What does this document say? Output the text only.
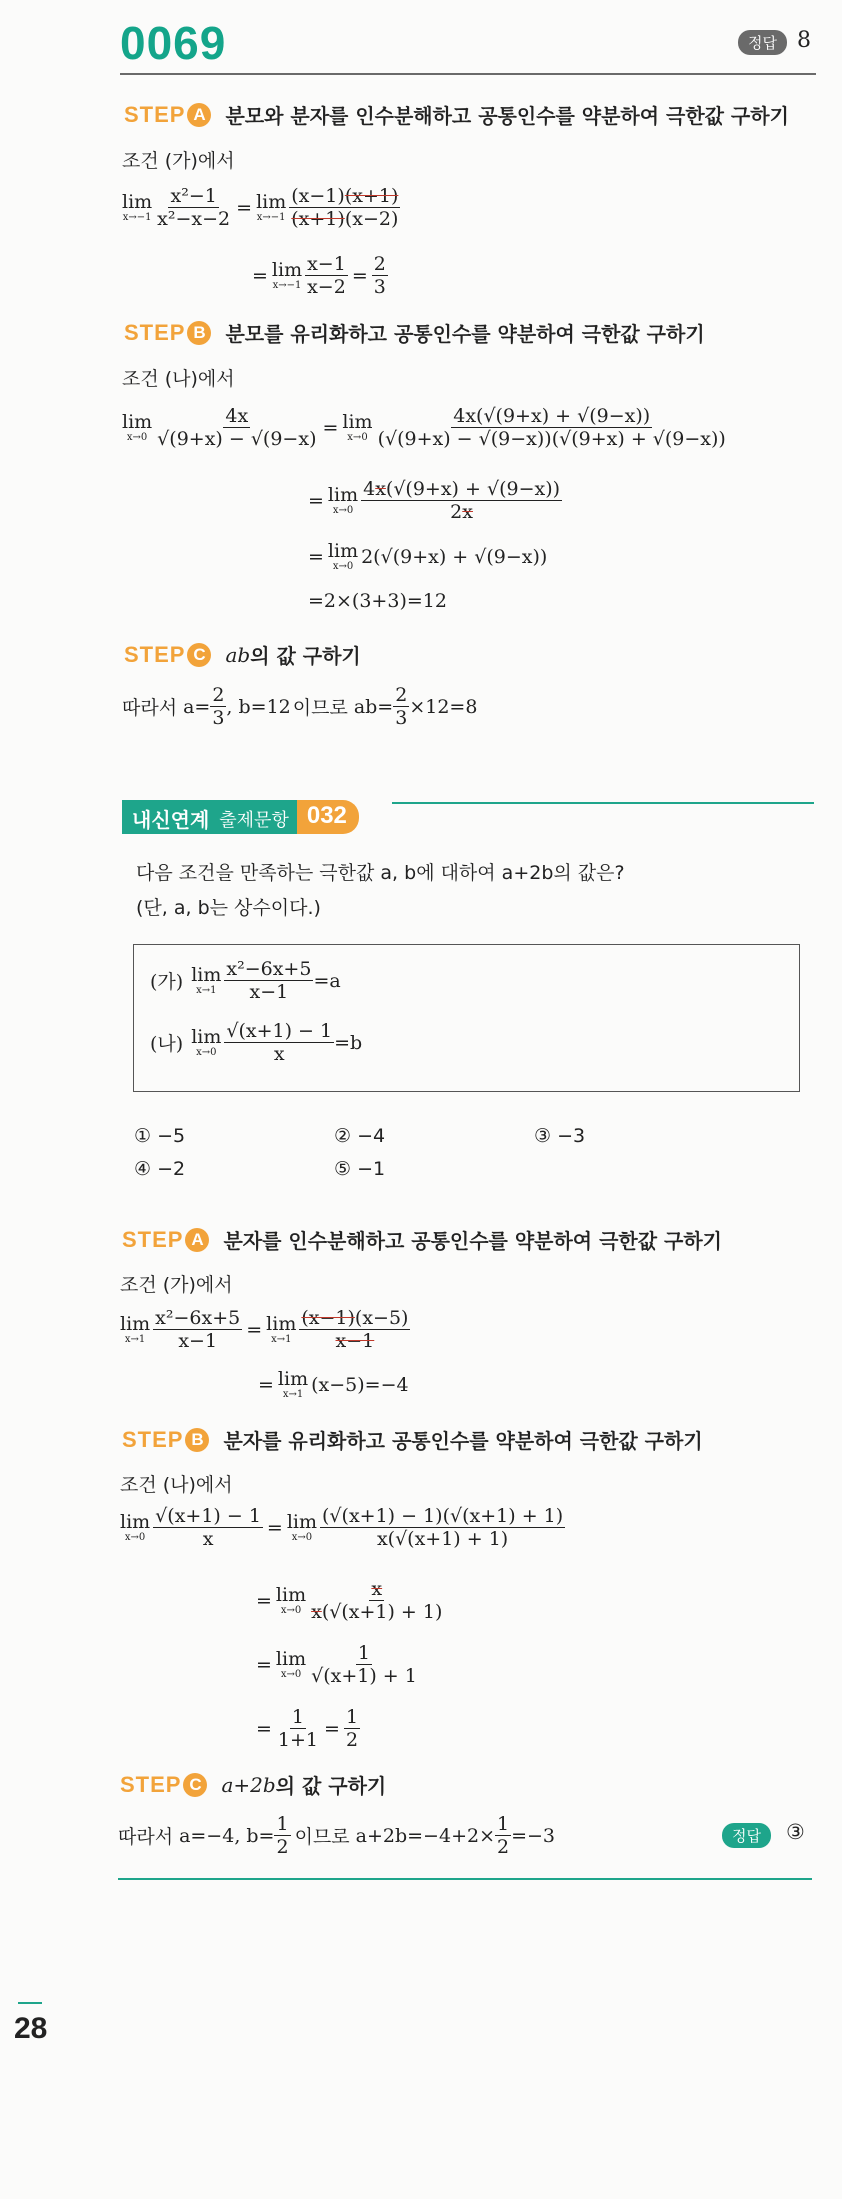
0069	정답 8
STEP A 분모와 분자를 인수분해하고 공통인수를 약분하여 극한값 구하기
조건 (가)에서
lim
$x\to-1 \frac{\text{x²−1}}{\text{x²−x−2}} = \lim$
$x\to-1 \frac{(x-1)(x+1)}{(x+1)(x-2)}$
= lim
$x\to-1 \frac{x-1}{x-2} = \frac{2}{3}$
STEP B 분모를 유리화하고 공통인수를 약분하여 극한값 구하기
조건 (나)에서
lim
$x\to 0 \frac{4x}{√(9+x) - √(9-x)} = \lim$
$x\to 0 \frac{4x(√(9+x) + √(9-x))}{(√(9+x) - √(9-x))(√(9+x) + √(9-x))}$
= lim
$x\to 0 \frac{4x(√(9+x) + √(9-x))}{2x}$
= lim
x→0 2(√(9+x) + √(9−x))
=2×(3+3)=12
STEP C ab 의 값 구하기
따라서 $a= \frac{2}{3}$ , b=12 이므로 $ab= \frac{2}{3} \times 12=8$
내신연계 출제문항 032
다음 조건을 만족하는 극한값 a, b에 대하여 a+2b의 값은?
(단, a, b는 상수이다.)
(가) lim
$x\to 1 \frac{\text{x²−6x+5}}{x-1} =a$
(나) lim
$x\to 0 \frac{√(x+1) - 1}{x} =b$
① −5	② −4	③ −3
④ −2	⑤ −1
STEP A 분자를 인수분해하고 공통인수를 약분하여 극한값 구하기
조건 (가)에서
lim
$x\to 1 \frac{\text{x²−6x+5}}{x-1} = \lim$
$x\to 1 \frac{(x-1)(x-5)}{x-1}$
= lim
x→1 (x−5)=−4
STEP B 분자를 유리화하고 공통인수를 약분하여 극한값 구하기
조건 (나)에서
lim
$x\to 0 \frac{√(x+1) - 1}{x} = \lim$
$x\to 0 \frac{(√(x+1) - 1)(√(x+1) + 1)}{x(√(x+1) + 1)}$
= lim
$x\to 0 \frac{x}{x(√(x+1) + 1)}$
= lim
$x\to 0 \frac{1}{√(x+1) + 1}$
= $\frac{1}{1+1} = \frac{1}{2}$
STEP C a+2b 의 값 구하기
따라서 a=−4, $b= \frac{1}{2}$ 이므로 $a+2b=-4+2\times \frac{1}{2} =-3$	정답	③
28
